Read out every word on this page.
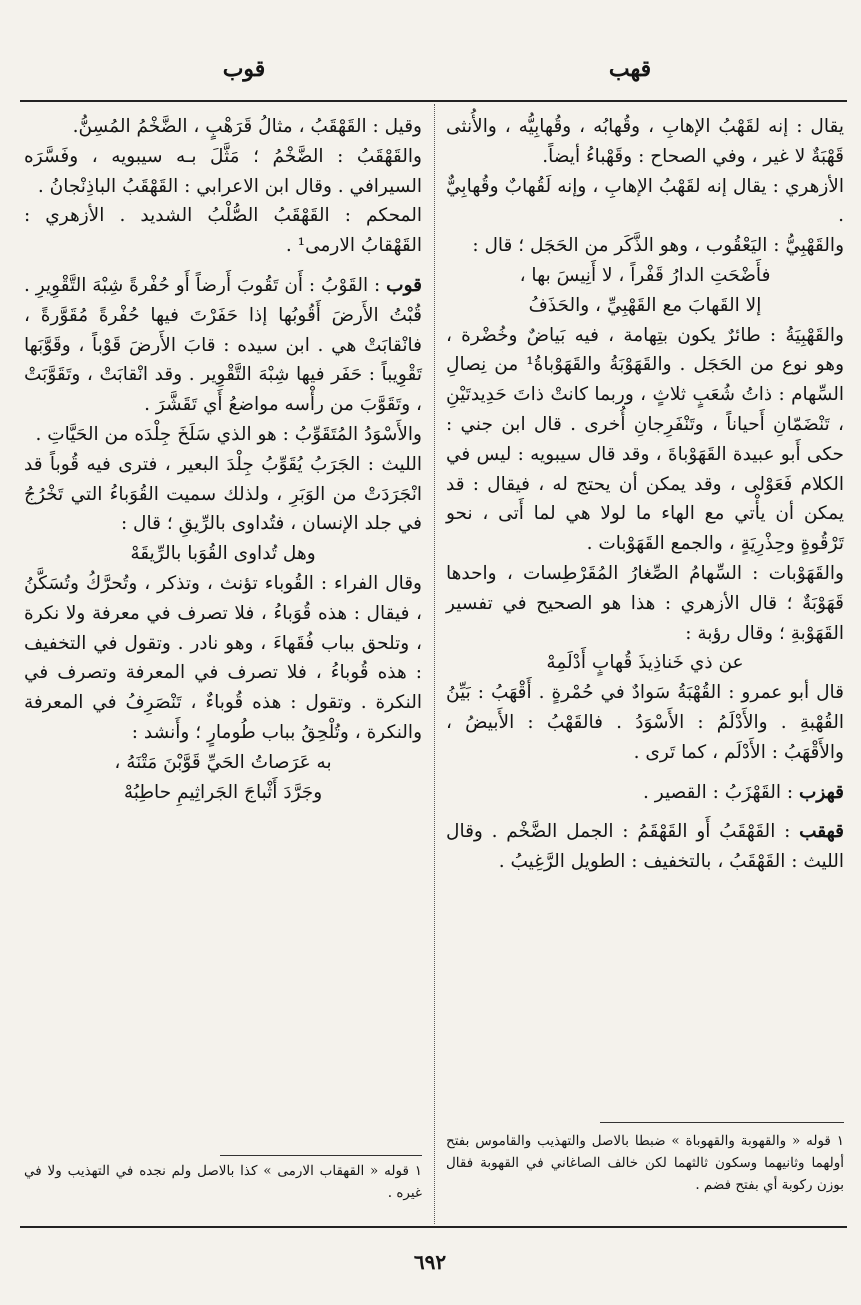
قهب
قوب

يقال : إنه لقَهْبُ الإهابِ ، وقُهابُه ، وقُهابِيُّه ، والأُنثى قَهْبَةٌ لا غير ، وفي الصحاح : وقَهْباءُ أيضاً.

الأزهري : يقال إنه لقَهْبُ الإهابِ ، وإنه لَقُهابٌ وقُهابِيٌّ .

والقَهْبِيُّ : اليَعْقُوب ، وهو الذَّكَر من الحَجَل ؛ قال :

فأَضْحَتِ الدارُ قَفْراً ، لا أَنِيسَ بها ،

إلا القَهابَ مع القَهْبِيِّ ، والحَذَفُ

والقَهْبِيَةُ : طائرٌ يكون بتِهامة ، فيه بَياضٌ وخُضْرة ، وهو نوع من الحَجَل . والقَهَوْبَةُ والقَهَوْباةُ¹ من نِصالِ السِّهام : ذاتُ شُعَبٍ ثلاثٍ ، وربما كانتْ ذاتَ حَدِيدتَيْنِ ، تَنْضَمّانِ أَحياناً ، وتَنْفَرِجانِ أُخرى . قال ابن جني : حكى أَبو عبيدة القَهَوْباةَ ، وقد قال سيبويه : ليس في الكلام فَعَوْلى ، وقد يمكن أن يحتج له ، فيقال : قد يمكن أن يأْتي مع الهاء ما لولا هي لما أَتى ، نحو تَرْقُوةٍ وحِذْرِيَةٍ ، والجمع القَهَوْبات .

والقَهَوْبات : السِّهامُ الصِّغارُ المُقَرْطِسات ، واحدها قَهَوْبَةٌ ؛ قال الأزهري : هذا هو الصحيح في تفسير القَهَوْبةِ ؛ وقال رؤبة :

عن ذي خَناذِيذَ قُهابٍ أَدْلَمِهْ

قال أبو عمرو : القُهْبَةُ سَوادٌ في حُمْرةٍ . أَقْهَبُ : بَيِّنُ القُهْبةِ . والأَدْلَمُ : الأَسْوَدُ . فالقَهْبُ : الأَبيضُ ، والأَقْهَبُ : الأَدْلَم ، كما تَرى .

قهزب : القَهْزَبُ : القصير .

قهقب : القَهْقَبُ أَو القَهْقَمُ : الجمل الضَّخْم . وقال الليث : القَهْقَبُ ، بالتخفيف : الطويل الرَّغِيبُ .

وقيل : القَهْقَبُ ، مثالُ قَرَهْبٍ ، الضَّخْمُ المُسِنُّ.

والقَهْقَبُ : الضَّخْمُ ؛ مَثَّلَ بـه سيبويه ، وفَسَّرَه السيرافي . وقال ابن الاعرابي : القَهْقَبُ الباذِنْجانُ .

المحكم : القَهْقَبُ الصُّلْبُ الشديد . الأزهري : القَهْقابُ الارمى¹ .

قوب : القَوْبُ : أَن تَقُوبَ أَرضاً أَو حُفْرةً شِبْهَ التَّقْوِيرِ .

قُبْتُ الأَرضَ أَقُوبُها إذا حَفَرْتَ فيها حُفْرةً مُقَوَّرةً ، فانْقابَتْ هي . ابن سيده : قابَ الأَرضَ قَوْباً ، وقَوَّبَها تَقْوِيباً : حَفَر فيها شِبْهَ التَّقْوِير . وقد انْقابَتْ ، وتَقَوَّبَتْ ، وتَقَوَّبَ من رأْسه مواضعُ أَي تَقَشَّرَ .

والأَسْوَدُ المُتَقَوِّبُ : هو الذي سَلَخَ جِلْدَه من الحَيَّاتِ .

الليث : الجَرَبُ يُقَوِّبُ جِلْدَ البعير ، فترى فيه قُوباً قد انْجَرَدَتْ من الوَبَرِ ، ولذلك سميت القُوَباءُ التي تَخْرُجُ في جلد الإنسان ، فتُداوى بالرِّيقِ ؛ قال :

وهل تُداوى القُوَبا بالرِّيقَهْ

وقال الفراء : القُوباء تؤنث ، وتذكر ، وتُحرَّكُ وتُسَكَّنُ ، فيقال : هذه قُوَباءُ ، فلا تصرف في معرفة ولا نكرة ، وتلحق بباب فُقَهاءَ ، وهو نادر . وتقول في التخفيف : هذه قُوباءُ ، فلا تصرف في المعرفة وتصرف في النكرة . وتقول : هذه قُوباءٌ ، تَنْصَرِفُ في المعرفة والنكرة ، وتُلْحِقُ بباب طُومارٍ ؛ وأَنشد :

به عَرَصاتُ الحَيِّ قَوَّبْنَ مَتْنَهُ ،

وجَرَّدَ أَثْباجَ الجَراثِيمِ حاطِبُهْ

١ قوله « والقهوبة والقهوباة » ضبطا بالاصل والتهذيب والقاموس بفتح أولهما وثانيهما وسكون ثالثهما لكن خالف الصاغاني في القهوبة فقال بوزن ركوبة أي بفتح فضم .
١ قوله « القهقاب الارمى » كذا بالاصل ولم نجده في التهذيب ولا في غيره .
٦٩٢
